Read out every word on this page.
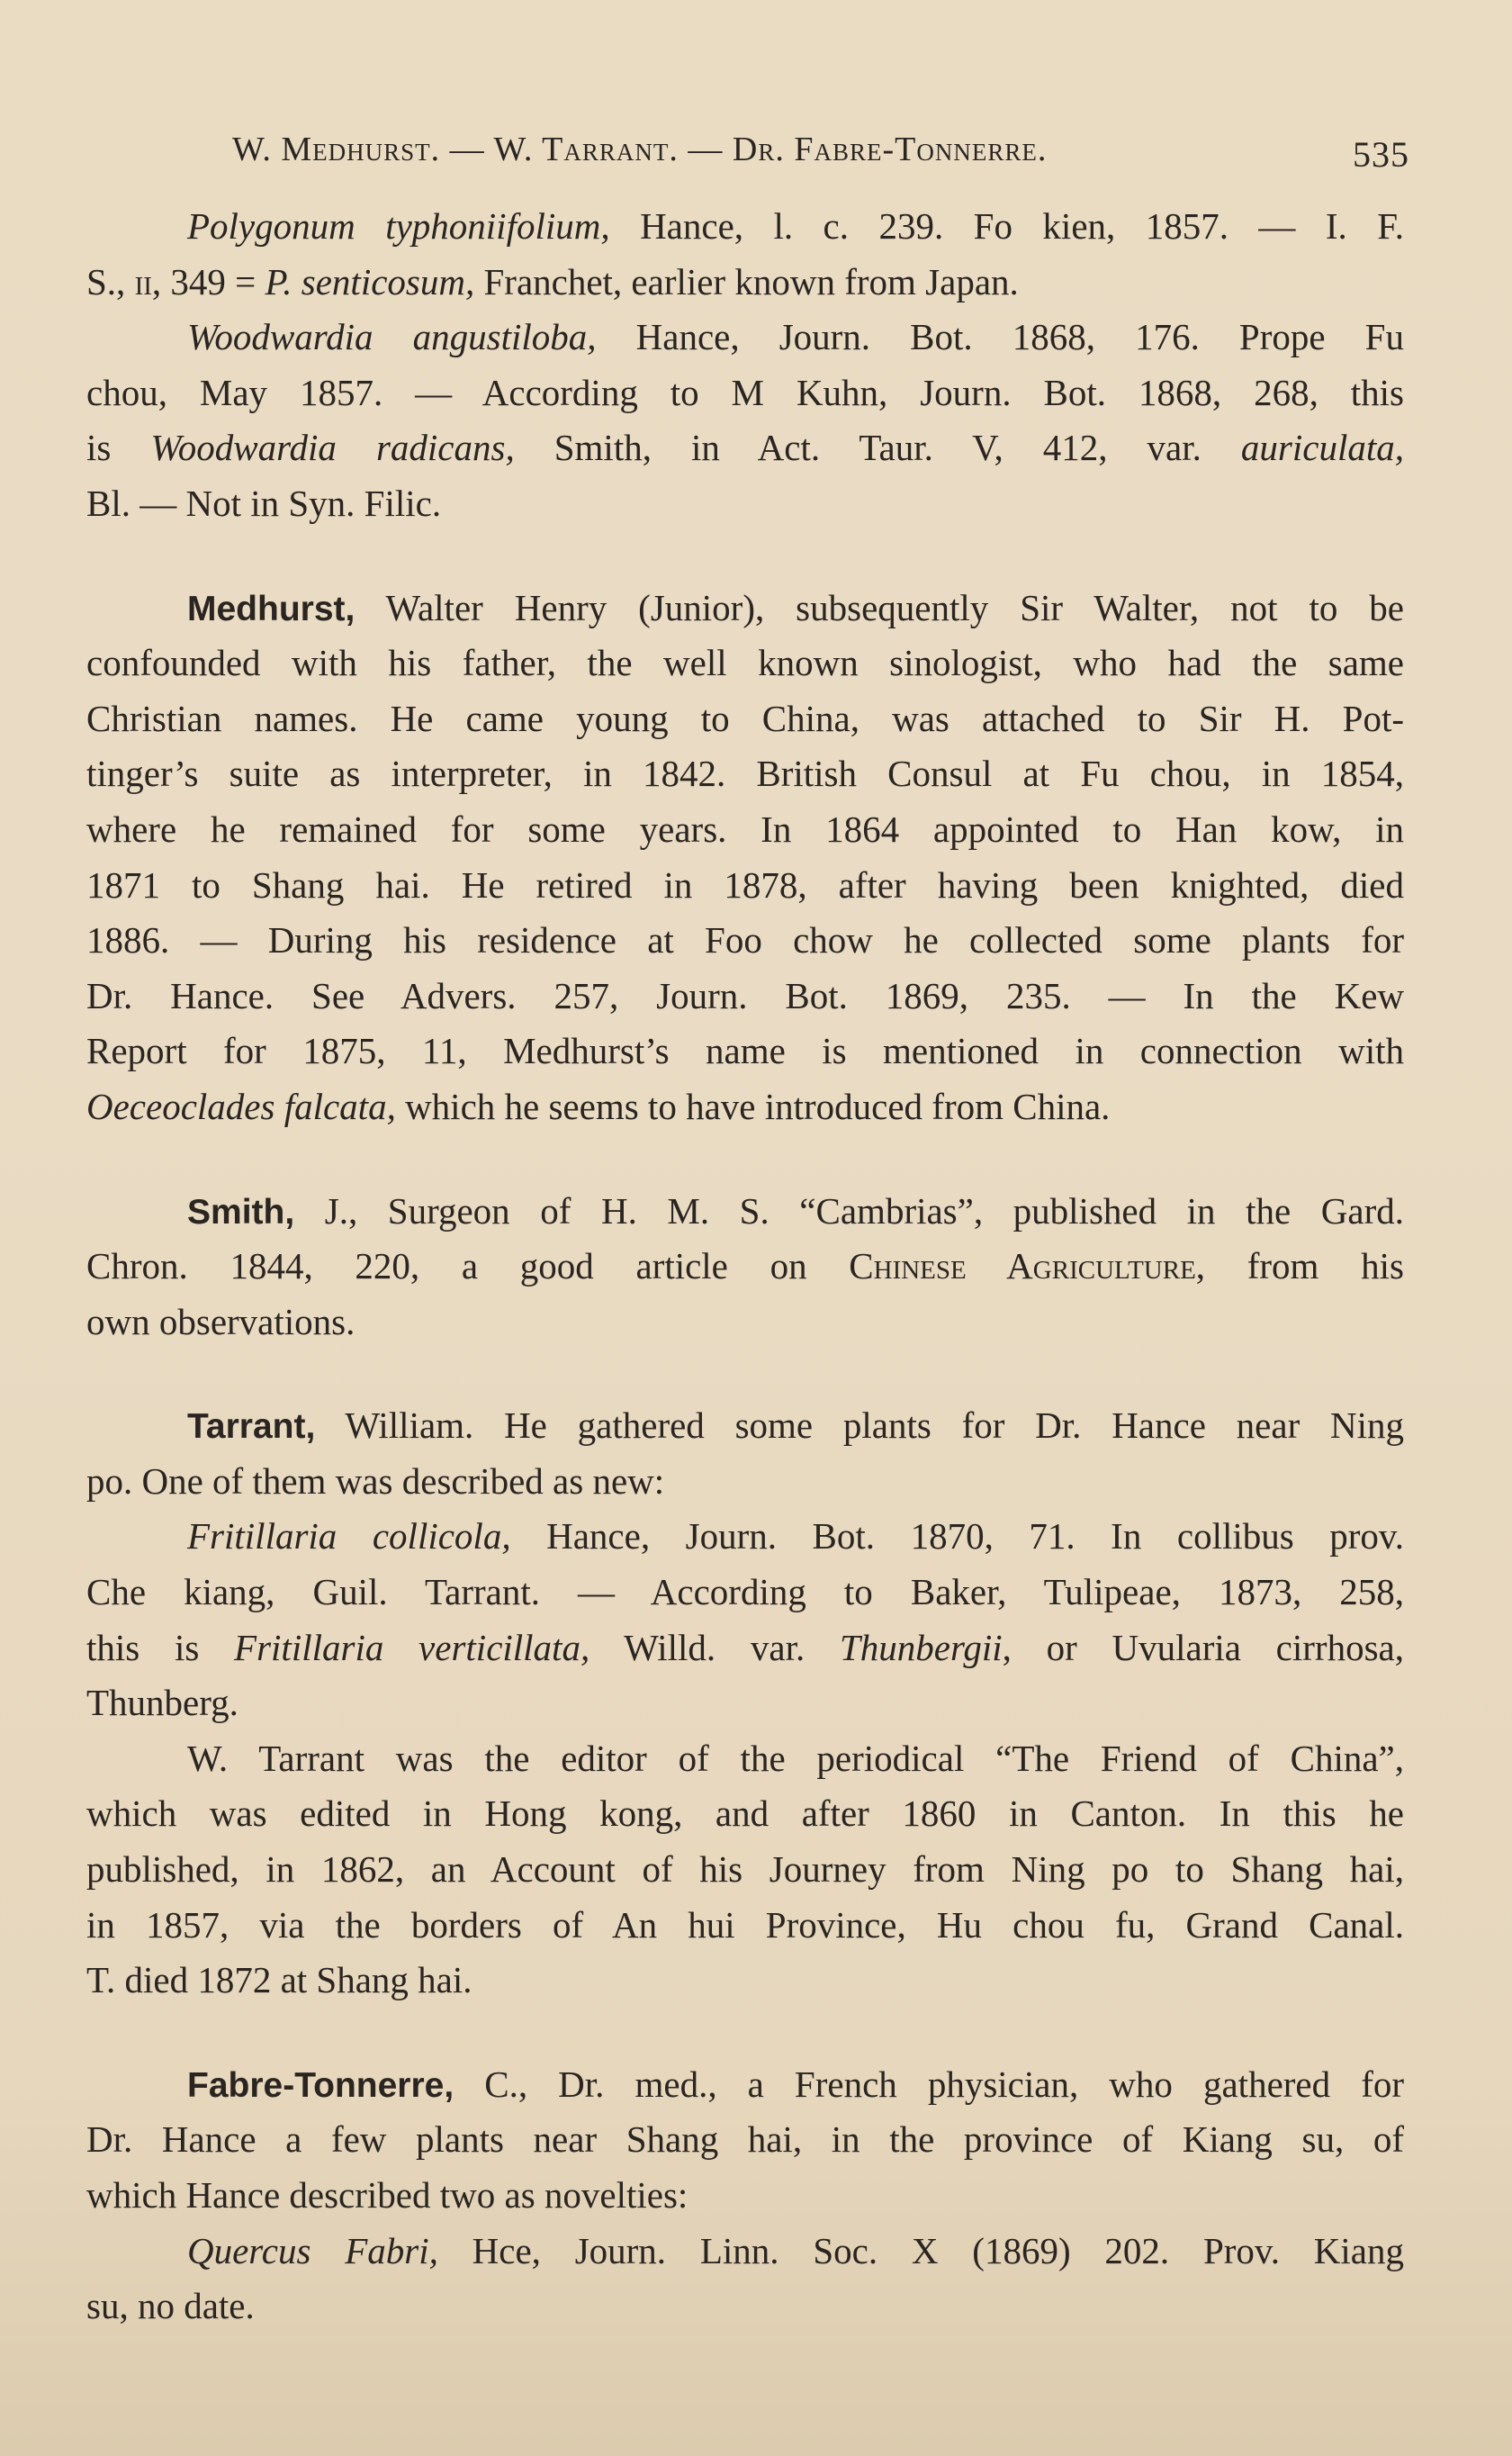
W. Medhurst. — W. Tarrant. — Dr. Fabre-Tonnerre.	535
Polygonum typhoniifolium, Hance, l. c. 239. Fo kien, 1857. — I. F.
S., ii, 349 = P. senticosum, Franchet, earlier known from Japan.
Woodwardia angustiloba, Hance, Journ. Bot. 1868, 176. Prope Fu
chou, May 1857. — According to M Kuhn, Journ. Bot. 1868, 268, this
is Woodwardia radicans, Smith, in Act. Taur. V, 412, var. auriculata,
Bl. — Not in Syn. Filic.
Medhurst, Walter Henry (Junior), subsequently Sir Walter, not to be
confounded with his father, the well known sinologist, who had the same
Christian names. He came young to China, was attached to Sir H. Pot-
tinger’s suite as interpreter, in 1842. British Consul at Fu chou, in 1854,
where he remained for some years. In 1864 appointed to Han kow, in
1871 to Shang hai. He retired in 1878, after having been knighted, died
1886. — During his residence at Foo chow he collected some plants for
Dr. Hance. See Advers. 257, Journ. Bot. 1869, 235. — In the Kew
Report for 1875, 11, Medhurst’s name is mentioned in connection with
Oeceoclades falcata, which he seems to have introduced from China.
Smith, J., Surgeon of H. M. S. “Cambrias”, published in the Gard.
Chron. 1844, 220, a good article on Chinese Agriculture, from his
own observations.
Tarrant, William. He gathered some plants for Dr. Hance near Ning
po. One of them was described as new:
Fritillaria collicola, Hance, Journ. Bot. 1870, 71. In collibus prov.
Che kiang, Guil. Tarrant. — According to Baker, Tulipeae, 1873, 258,
this is Fritillaria verticillata, Willd. var. Thunbergii, or Uvularia cirrhosa,
Thunberg.
W. Tarrant was the editor of the periodical “The Friend of China”,
which was edited in Hong kong, and after 1860 in Canton. In this he
published, in 1862, an Account of his Journey from Ning po to Shang hai,
in 1857, via the borders of An hui Province, Hu chou fu, Grand Canal.
T. died 1872 at Shang hai.
Fabre-Tonnerre, C., Dr. med., a French physician, who gathered for
Dr. Hance a few plants near Shang hai, in the province of Kiang su, of
which Hance described two as novelties:
Quercus Fabri, Hce, Journ. Linn. Soc. X (1869) 202. Prov. Kiang
su, no date.
